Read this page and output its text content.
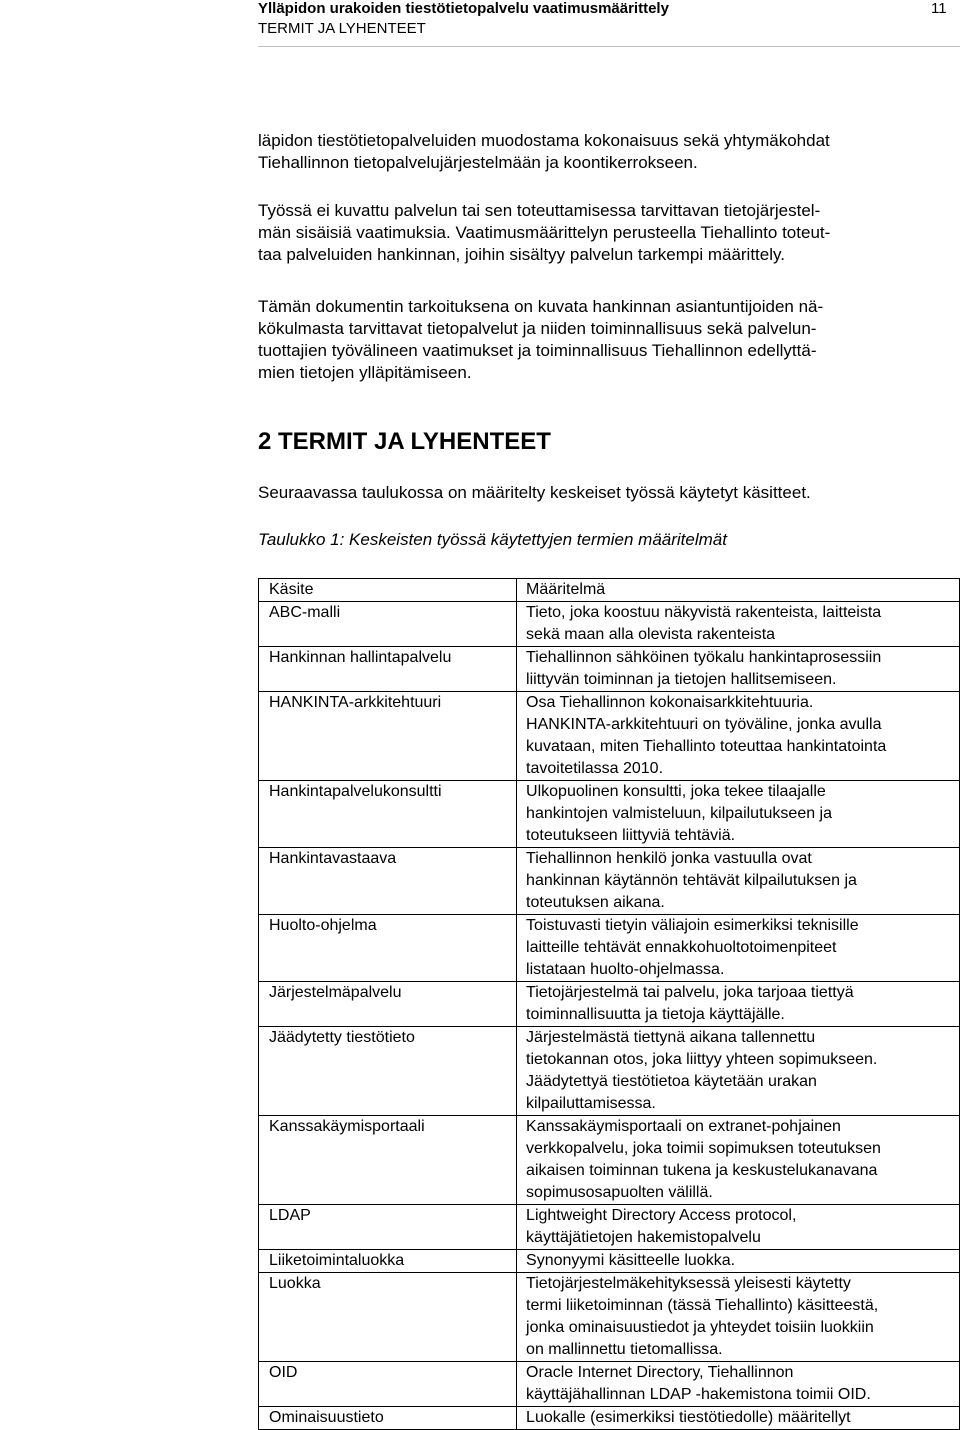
Ylläpidon urakoiden tiestötietopalvelu vaatimusmäärittely
TERMIT JA LYHENTEET
11

läpidon tiestötietopalveluiden muodostama kokonaisuus sekä yhtymäkohdat
Tiehallinnon tietopalvelujärjestelmään ja koontikerrokseen.

Työssä ei kuvattu palvelun tai sen toteuttamisessa tarvittavan tietojärjestel-
män sisäisiä vaatimuksia. Vaatimusmäärittelyn perusteella Tiehallinto toteut-
taa palveluiden hankinnan, joihin sisältyy palvelun tarkempi määrittely.

Tämän dokumentin tarkoituksena on kuvata hankinnan asiantuntijoiden nä-
kökulmasta tarvittavat tietopalvelut ja niiden toiminnallisuus sekä palvelun-
tuottajien työvälineen vaatimukset ja toiminnallisuus Tiehallinnon edellyttä-
mien tietojen ylläpitämiseen.

2 TERMIT JA LYHENTEET

Seuraavassa taulukossa on määritelty keskeiset työssä käytetyt käsitteet.

Taulukko 1: Keskeisten työssä käytettyjen termien määritelmät
Käsite	Määritelmä
ABC-malli	Tieto, joka koostuu näkyvistä rakenteista, laitteista
sekä maan alla olevista rakenteista

Hankinnan hallintapalvelu	Tiehallinnon sähköinen työkalu hankintaprosessiin
liittyvän toiminnan ja tietojen hallitsemiseen.

HANKINTA-arkkitehtuuri	Osa Tiehallinnon kokonaisarkkitehtuuria.
HANKINTA-arkkitehtuuri on työväline, jonka avulla
kuvataan, miten Tiehallinto toteuttaa hankintatointa
tavoitetilassa 2010.

Hankintapalvelukonsultti	Ulkopuolinen konsultti, joka tekee tilaajalle
hankintojen valmisteluun, kilpailutukseen ja
toteutukseen liittyviä tehtäviä.

Hankintavastaava	Tiehallinnon henkilö jonka vastuulla ovat
hankinnan käytännön tehtävät kilpailutuksen ja
toteutuksen aikana.

Huolto-ohjelma	Toistuvasti tietyin väliajoin esimerkiksi teknisille
laitteille tehtävät ennakkohuoltotoimenpiteet
listataan huolto-ohjelmassa.

Järjestelmäpalvelu	Tietojärjestelmä tai palvelu, joka tarjoaa tiettyä
toiminnallisuutta ja tietoja käyttäjälle.

Jäädytetty tiestötieto	Järjestelmästä tiettynä aikana tallennettu
tietokannan otos, joka liittyy yhteen sopimukseen.
Jäädytettyä tiestötietoa käytetään urakan
kilpailuttamisessa.

Kanssakäymisportaali	Kanssakäymisportaali on extranet-pohjainen
verkkopalvelu, joka toimii sopimuksen toteutuksen
aikaisen toiminnan tukena ja keskustelukanavana
sopimusosapuolten välillä.

LDAP	Lightweight Directory Access protocol,
käyttäjätietojen hakemistopalvelu

Liiketoimintaluokka	Synonyymi käsitteelle luokka.

Luokka	Tietojärjestelmäkehityksessä yleisesti käytetty
termi liiketoiminnan (tässä Tiehallinto) käsitteestä,
jonka ominaisuustiedot ja yhteydet toisiin luokkiin
on mallinnettu tietomallissa.

OID	Oracle Internet Directory, Tiehallinnon
käyttäjähallinnan LDAP -hakemistona toimii OID.

Ominaisuustieto	Luokalle (esimerkiksi tiestötiedolle) määritellyt
